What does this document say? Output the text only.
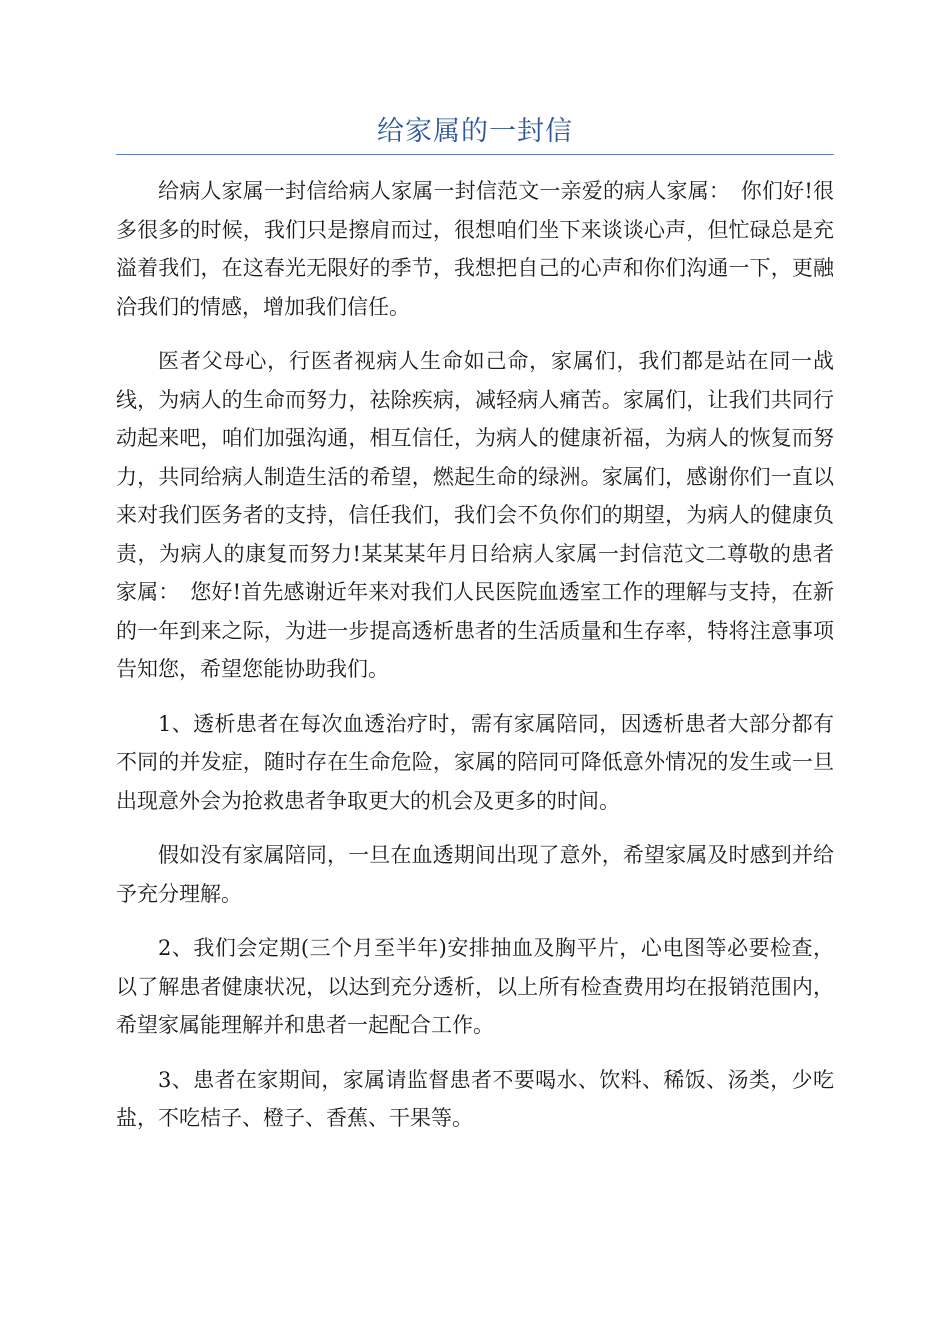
给家属的一封信

给病人家属一封信给病人家属一封信范文一亲爱的病人家属：　你们好!很多很多的时候，我们只是擦肩而过，很想咱们坐下来谈谈心声，但忙碌总是充溢着我们，在这春光无限好的季节，我想把自己的心声和你们沟通一下，更融洽我们的情感，增加我们信任。

医者父母心，行医者视病人生命如己命，家属们，我们都是站在同一战线，为病人的生命而努力，祛除疾病，减轻病人痛苦。家属们，让我们共同行动起来吧，咱们加强沟通，相互信任，为病人的健康祈福，为病人的恢复而努力，共同给病人制造生活的希望，燃起生命的绿洲。家属们，感谢你们一直以来对我们医务者的支持，信任我们，我们会不负你们的期望，为病人的健康负责，为病人的康复而努力!某某某年月日给病人家属一封信范文二尊敬的患者家属：　您好!首先感谢近年来对我们人民医院血透室工作的理解与支持，在新的一年到来之际，为进一步提高透析患者的生活质量和生存率，特将注意事项告知您，希望您能协助我们。

1、透析患者在每次血透治疗时，需有家属陪同，因透析患者大部分都有不同的并发症，随时存在生命危险，家属的陪同可降低意外情况的发生或一旦出现意外会为抢救患者争取更大的机会及更多的时间。

假如没有家属陪同，一旦在血透期间出现了意外，希望家属及时感到并给予充分理解。

2、我们会定期(三个月至半年)安排抽血及胸平片，心电图等必要检查，以了解患者健康状况，以达到充分透析，以上所有检查费用均在报销范围内，希望家属能理解并和患者一起配合工作。

3、患者在家期间，家属请监督患者不要喝水、饮料、稀饭、汤类，少吃盐，不吃桔子、橙子、香蕉、干果等。
